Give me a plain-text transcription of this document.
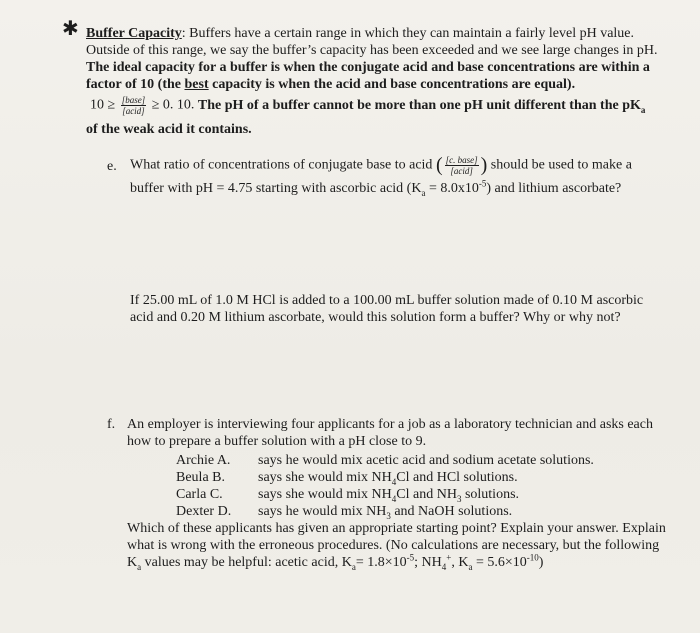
✱ Buffer Capacity: Buffers have a certain range in which they can maintain a fairly level pH value.
Outside of this range, we say the buffer’s capacity has been exceeded and we see large changes in pH.
The ideal capacity for a buffer is when the conjugate acid and base concentrations are within a
factor of 10 (the best capacity is when the acid and base concentrations are equal).
$10 \ge \frac{\text{[base]}}{\text{[acid]}} \ge 0$. 10. The pH of a buffer cannot be more than one pH unit different than the $pK_a$
of the weak acid it contains.
e. What ratio of concentrations of conjugate base to acid ( $\frac{\text{[c. base]}}{\text{[acid]}}$ ) should be used to make a
buffer with pH = 4.75 starting with ascorbic acid $(K_a = 8.0x10^{-5})$ and lithium ascorbate?
If 25.00 mL of 1.0 M HCl is added to a 100.00 mL buffer solution made of 0.10 M ascorbic
acid and 0.20 M lithium ascorbate, would this solution form a buffer? Why or why not?
f. An employer is interviewing four applicants for a job as a laboratory technician and asks each
how to prepare a buffer solution with a pH close to 9.
Archie A. says he would mix acetic acid and sodium acetate solutions.
Beula B. says she would mix $NH_4Cl$ and HCl solutions.
Carla C.	says she would mix $NH_4Cl$ and $NH_3$ solutions.
Dexter D. says he would mix $NH_3$ and NaOH solutions.
Which of these applicants has given an appropriate starting point? Explain your answer. Explain
what is wrong with the erroneous procedures. (No calculations are necessary, but the following
$K_a$ values may be helpful: acetic acid, $K_a= 1.8\times 10^{-5}$; $NH_4^+$, $K_a = 5.6\times 10^{-10}$)
